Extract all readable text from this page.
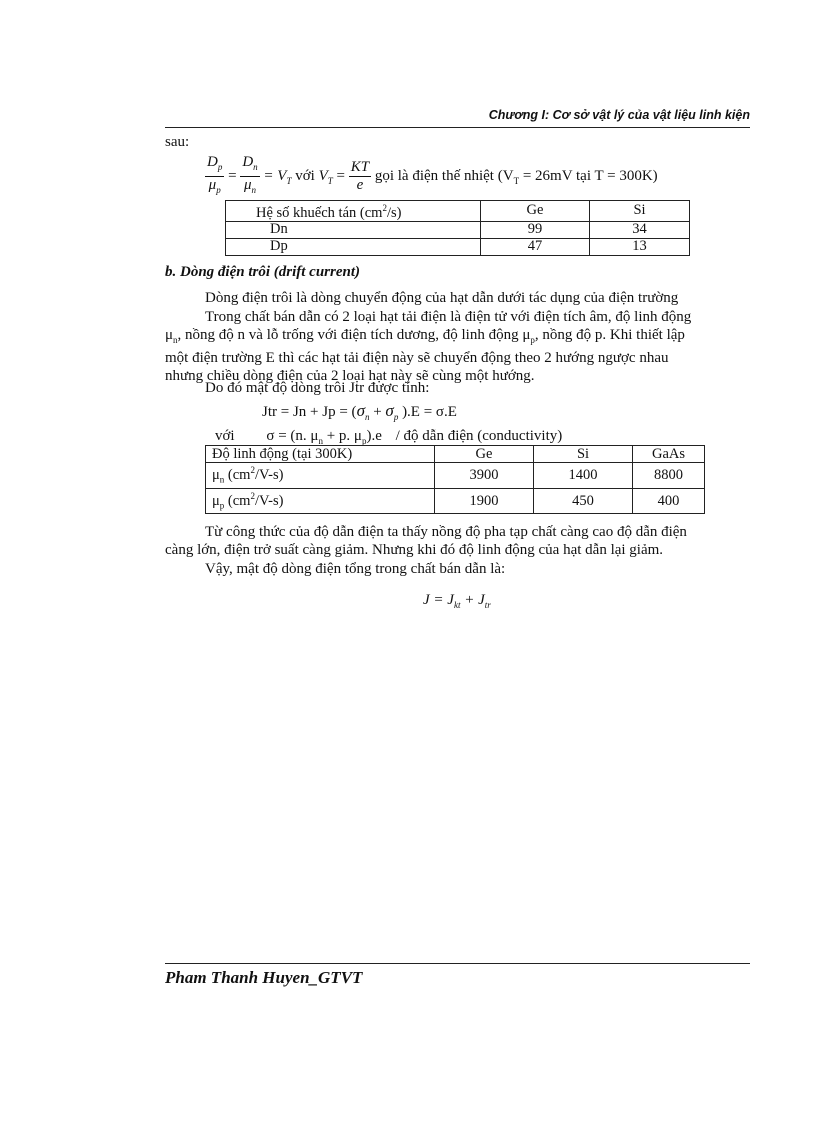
Chương I: Cơ sở vật lý của vật liệu linh kiện
sau:
$\frac{D_p}{\mu_p} = \frac{D_n}{\mu_n} = V_T$ với $V_T = \frac{KT}{e}$ gọi là điện thế nhiệt ($V_T = 26mV$ tại T = 300K)
Hệ số khuếch tán $(cm^2/s)$	Ge	Si
Dn	99	34
Dp	47	13
b. Dòng điện trôi (drift current)
Dòng điện trôi là dòng chuyển động của hạt dẫn dưới tác dụng của điện trường
Trong chất bán dẫn có 2 loại hạt tải điện là điện tử với điện tích âm, độ linh động
$\mu_n$, nồng độ n và lỗ trống với điện tích dương, độ linh động $\mu_p$, nồng độ p. Khi thiết lập
một điện trường E thì các hạt tải điện này sẽ chuyển động theo 2 hướng ngược nhau
nhưng chiều dòng điện của 2 loại hạt này sẽ cùng một hướng.
Do đó mật độ dòng trôi Jtr được tính:
Jtr = $Jn + Jp = (\sigma_n + \sigma_p$ ).E = σ.E
với σ = (n. $\mu_n + p$. $\mu_p).e$ / độ dẫn điện (conductivity)
Độ linh động (tại 300K)	Ge	Si	GaAs
$\mu_n$ $(cm^2/V-s)$	3900	1400	8800
$\mu_p$ $(cm^2/V-s)$	1900	450	400
Từ công thức của độ dẫn điện ta thấy nồng độ pha tạp chất càng cao độ dẫn điện
càng lớn, điện trở suất càng giảm. Nhưng khi đó độ linh động của hạt dẫn lại giảm.
Vậy, mật độ dòng điện tổng trong chất bán dẫn là:
$J = J_{kt} + J_{tr}$
Pham Thanh Huyen_GTVT
